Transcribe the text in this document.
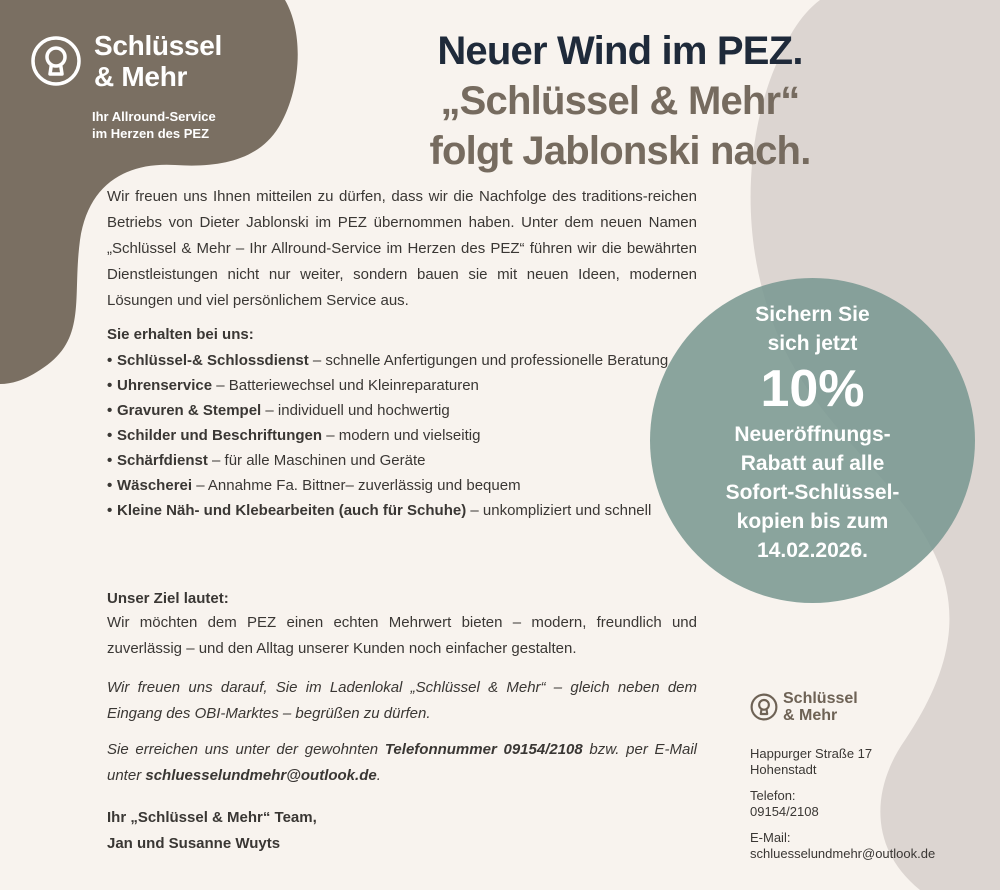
Schlüssel
& Mehr
Ihr Allround-Service
im Herzen des PEZ
Neuer Wind im PEZ.
„Schlüssel & Mehr“
folgt Jablonski nach.
Wir freuen uns Ihnen mitteilen zu dürfen, dass wir die Nachfolge des traditions-reichen Betriebs von Dieter Jablonski im PEZ übernommen haben. Unter dem neuen Namen „Schlüssel & Mehr – Ihr Allround-Service im Herzen des PEZ“ führen wir die bewährten Dienstleistungen nicht nur weiter, sondern bauen sie mit neuen Ideen, modernen Lösungen und viel persönlichem Service aus.
Sie erhalten bei uns:
• Schlüssel-& Schlossdienst – schnelle Anfertigungen und professionelle Beratung
• Uhrenservice – Batteriewechsel und Kleinreparaturen
• Gravuren & Stempel – individuell und hochwertig
• Schilder und Beschriftungen – modern und vielseitig
• Schärfdienst – für alle Maschinen und Geräte
• Wäscherei – Annahme Fa. Bittner– zuverlässig und bequem
• Kleine Näh- und Klebearbeiten (auch für Schuhe) – unkompliziert und schnell
Unser Ziel lautet:
Wir möchten dem PEZ einen echten Mehrwert bieten – modern, freundlich und zuverlässig – und den Alltag unserer Kunden noch einfacher gestalten.
Wir freuen uns darauf, Sie im Ladenlokal „Schlüssel & Mehr“ – gleich neben dem Eingang des OBI-Marktes – begrüßen zu dürfen.
Sie erreichen uns unter der gewohnten Telefonnummer 09154/2108 bzw. per E-Mail unter schluesselundmehr@outlook.de.
Ihr „Schlüssel & Mehr“ Team,
Jan und Susanne Wuyts
Sichern Sie
sich jetzt
10%
Neueröffnungs-
Rabatt auf alle
Sofort-Schlüssel-
kopien bis zum
14.02.2026.
Schlüssel
& Mehr
Happurger Straße 17
Hohenstadt
Telefon:
09154/2108
E-Mail:
schluesselundmehr@outlook.de
